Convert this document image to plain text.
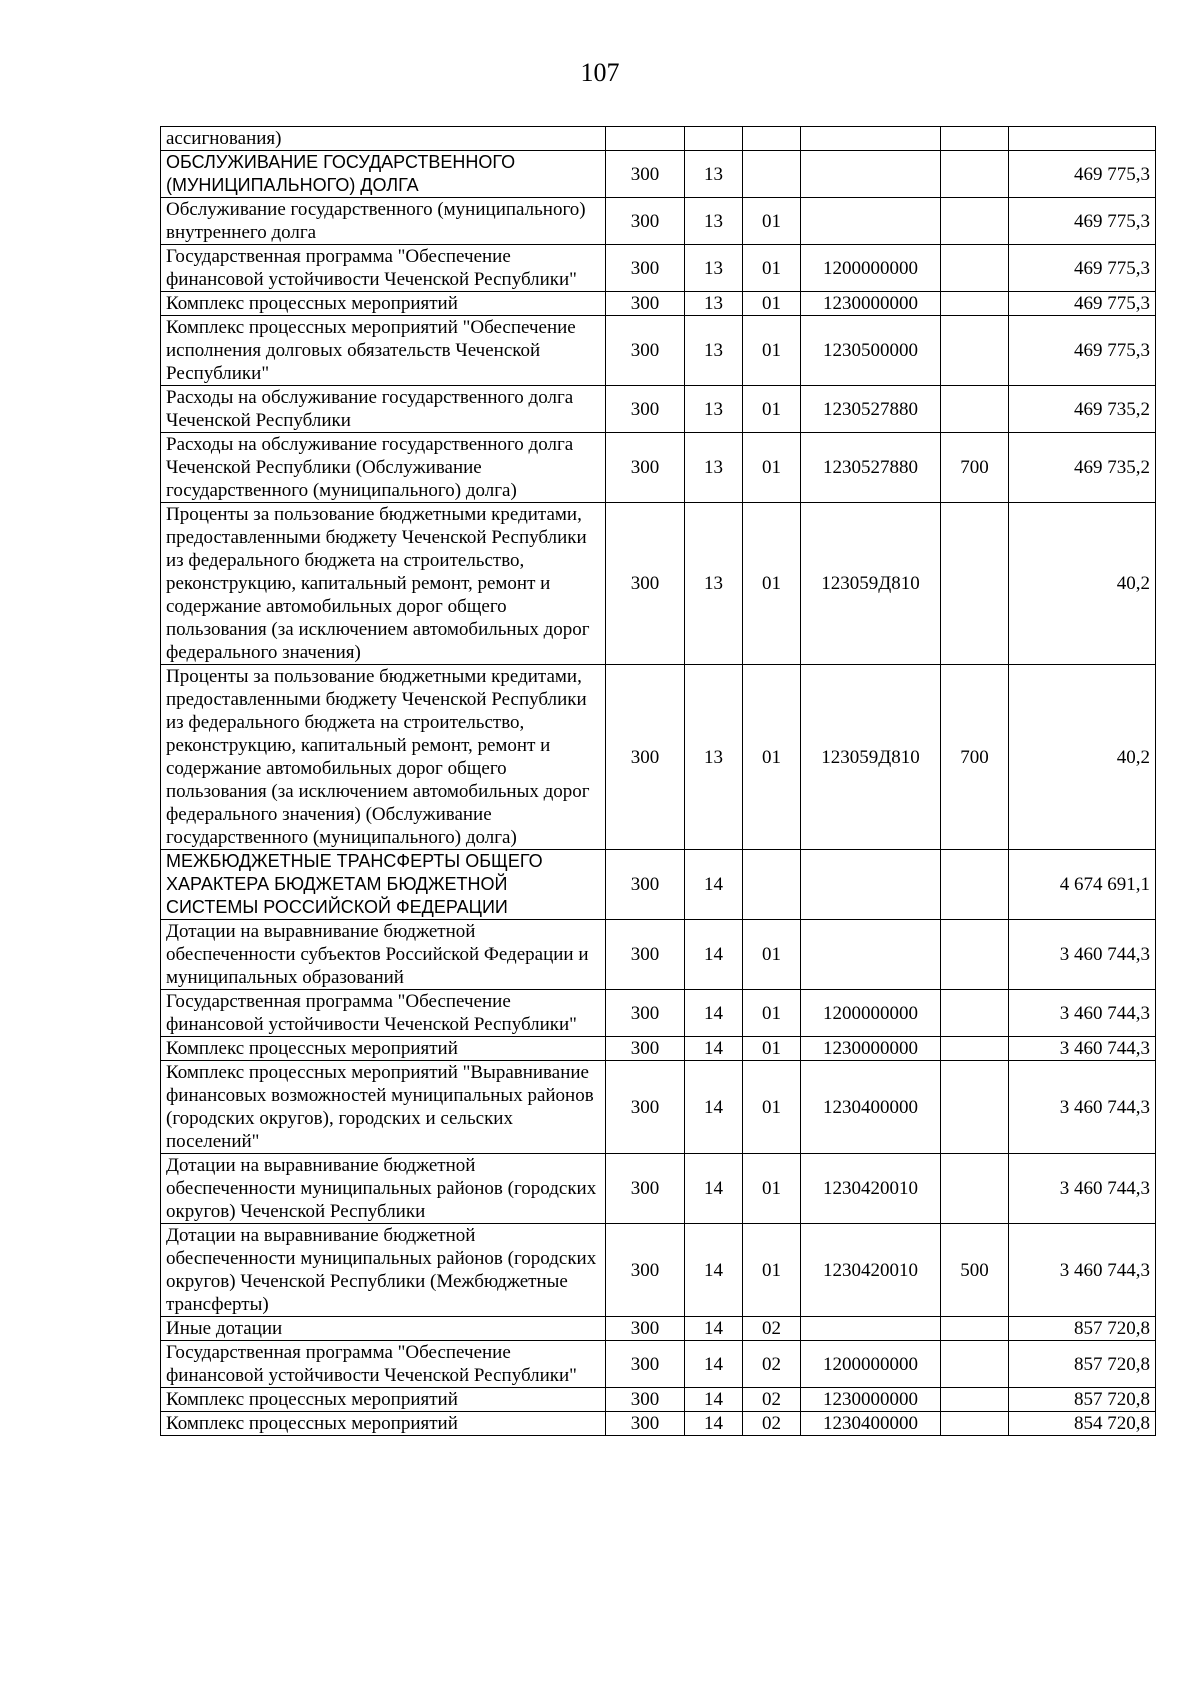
107
ассигнования)						
ОБСЛУЖИВАНИЕ ГОСУДАРСТВЕННОГО (МУНИЦИПАЛЬНОГО) ДОЛГА	300	13				469 775,3
Обслуживание государственного (муниципального) внутреннего долга	300	13	01			469 775,3
Государственная программа "Обеспечение финансовой устойчивости Чеченской Республики"	300	13	01	1200000000		469 775,3
Комплекс процессных мероприятий	300	13	01	1230000000		469 775,3
Комплекс процессных мероприятий "Обеспечение исполнения долговых обязательств Чеченской Республики"	300	13	01	1230500000		469 775,3
Расходы на обслуживание государственного долга Чеченской Республики	300	13	01	1230527880		469 735,2
Расходы на обслуживание государственного долга Чеченской Республики (Обслуживание государственного (муниципального) долга)	300	13	01	1230527880	700	469 735,2
Проценты за пользование бюджетными кредитами, предоставленными бюджету Чеченской Республики из федерального бюджета на строительство, реконструкцию, капитальный ремонт, ремонт и содержание автомобильных дорог общего пользования (за исключением автомобильных дорог федерального значения)	300	13	01	123059Д810		40,2
Проценты за пользование бюджетными кредитами, предоставленными бюджету Чеченской Республики из федерального бюджета на строительство, реконструкцию, капитальный ремонт, ремонт и содержание автомобильных дорог общего пользования (за исключением автомобильных дорог федерального значения) (Обслуживание государственного (муниципального) долга)	300	13	01	123059Д810	700	40,2
МЕЖБЮДЖЕТНЫЕ ТРАНСФЕРТЫ ОБЩЕГО ХАРАКТЕРА БЮДЖЕТАМ БЮДЖЕТНОЙ СИСТЕМЫ РОССИЙСКОЙ ФЕДЕРАЦИИ	300	14				4 674 691,1
Дотации на выравнивание бюджетной обеспеченности субъектов Российской Федерации и муниципальных образований	300	14	01			3 460 744,3
Государственная программа "Обеспечение финансовой устойчивости Чеченской Республики"	300	14	01	1200000000		3 460 744,3
Комплекс процессных мероприятий	300	14	01	1230000000		3 460 744,3
Комплекс процессных мероприятий "Выравнивание финансовых возможностей муниципальных районов (городских округов), городских и сельских поселений"	300	14	01	1230400000		3 460 744,3
Дотации на выравнивание бюджетной обеспеченности муниципальных районов (городских округов) Чеченской Республики	300	14	01	1230420010		3 460 744,3
Дотации на выравнивание бюджетной обеспеченности муниципальных районов (городских округов) Чеченской Республики (Межбюджетные трансферты)	300	14	01	1230420010	500	3 460 744,3
Иные дотации	300	14	02			857 720,8
Государственная программа "Обеспечение финансовой устойчивости Чеченской Республики"	300	14	02	1200000000		857 720,8
Комплекс процессных мероприятий	300	14	02	1230000000		857 720,8
Комплекс процессных мероприятий	300	14	02	1230400000		854 720,8
